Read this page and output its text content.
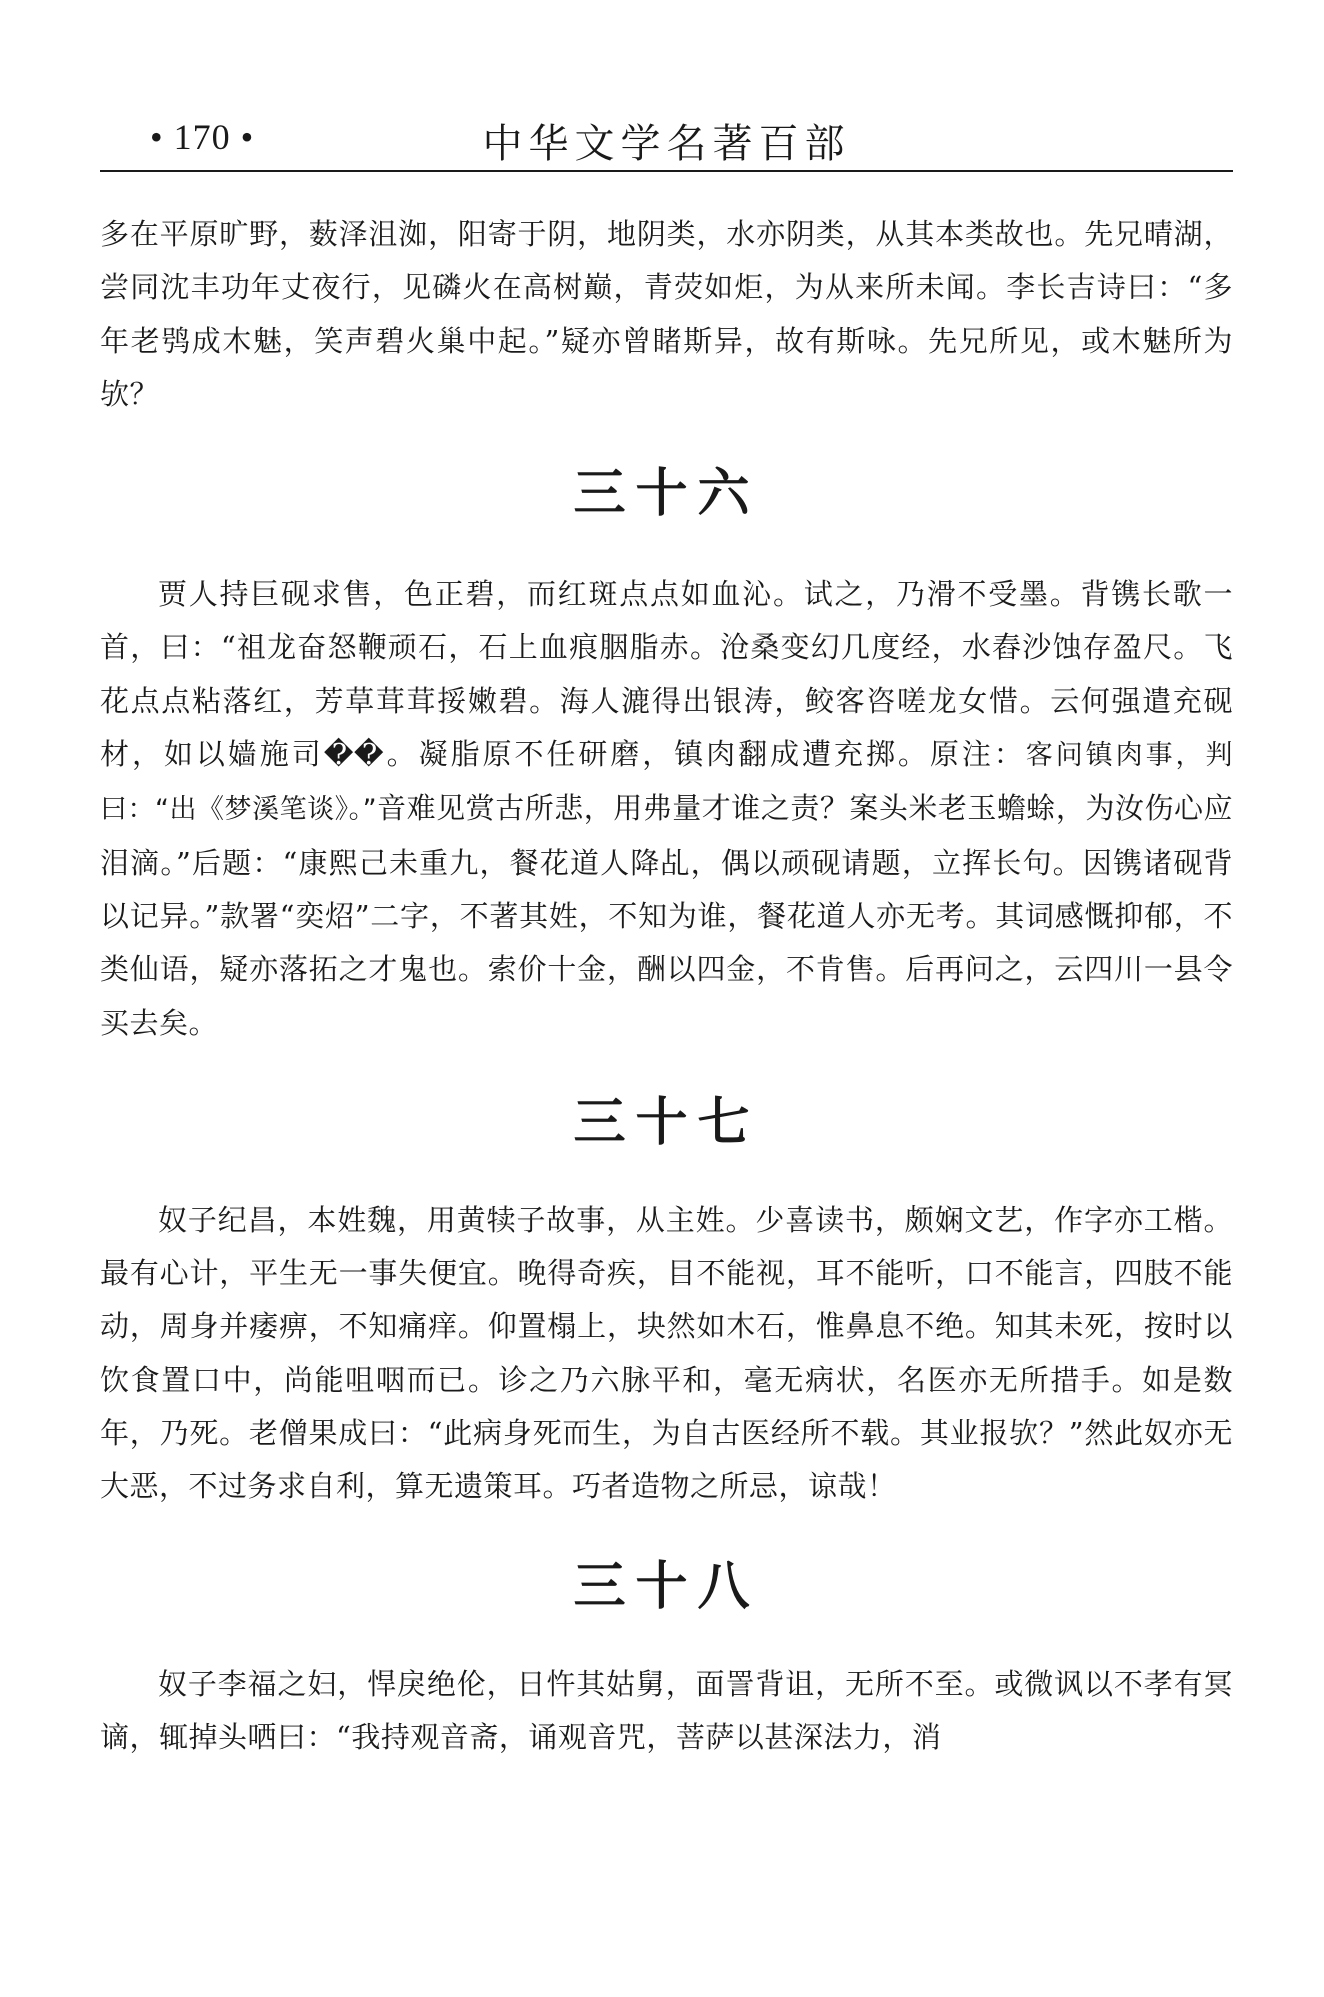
• 170 •	中华文学名著百部

多在平原旷野，薮泽沮洳，阳寄于阴，地阴类，水亦阴类，从其本类故也。先兄晴湖，尝同沈丰功年丈夜行，见磷火在高树巅，青荧如炬，为从来所未闻。李长吉诗曰：“多年老鸮成木魅，笑声碧火巢中起。”疑亦曾睹斯异，故有斯咏。先兄所见，或木魅所为欤？

三十六

贾人持巨砚求售，色正碧，而红斑点点如血沁。试之，乃滑不受墨。背镌长歌一首，曰：“祖龙奋怒鞭顽石，石上血痕胭脂赤。沧桑变幻几度经，水舂沙蚀存盈尺。飞花点点粘落红，芳草茸茸挼嫩碧。海人漉得出银涛，鲛客咨嗟龙女惜。云何强遣充砚材，如以嫱施司��。凝脂原不任研磨，镇肉翻成遭充掷。原注：客问镇肉事，判曰：“出《梦溪笔谈》。”音难见赏古所悲，用弗量才谁之责？案头米老玉蟾蜍，为汝伤心应泪滴。”后题：“康熙己未重九，餐花道人降乩，偶以顽砚请题，立挥长句。因镌诸砚背以记异。”款署“奕炤”二字，不著其姓，不知为谁，餐花道人亦无考。其词感慨抑郁，不类仙语，疑亦落拓之才鬼也。索价十金，酬以四金，不肯售。后再问之，云四川一县令买去矣。

三十七

奴子纪昌，本姓魏，用黄犊子故事，从主姓。少喜读书，颇娴文艺，作字亦工楷。最有心计，平生无一事失便宜。晚得奇疾，目不能视，耳不能听，口不能言，四肢不能动，周身并痿痹，不知痛痒。仰置榻上，块然如木石，惟鼻息不绝。知其未死，按时以饮食置口中，尚能咀咽而已。诊之乃六脉平和，毫无病状，名医亦无所措手。如是数年，乃死。老僧果成曰：“此病身死而生，为自古医经所不载。其业报欤？”然此奴亦无大恶，不过务求自利，算无遗策耳。巧者造物之所忌，谅哉！

三十八

奴子李福之妇，悍戾绝伦，日忤其姑舅，面詈背诅，无所不至。或微讽以不孝有冥谪，辄掉头哂曰：“我持观音斋，诵观音咒，菩萨以甚深法力，消
